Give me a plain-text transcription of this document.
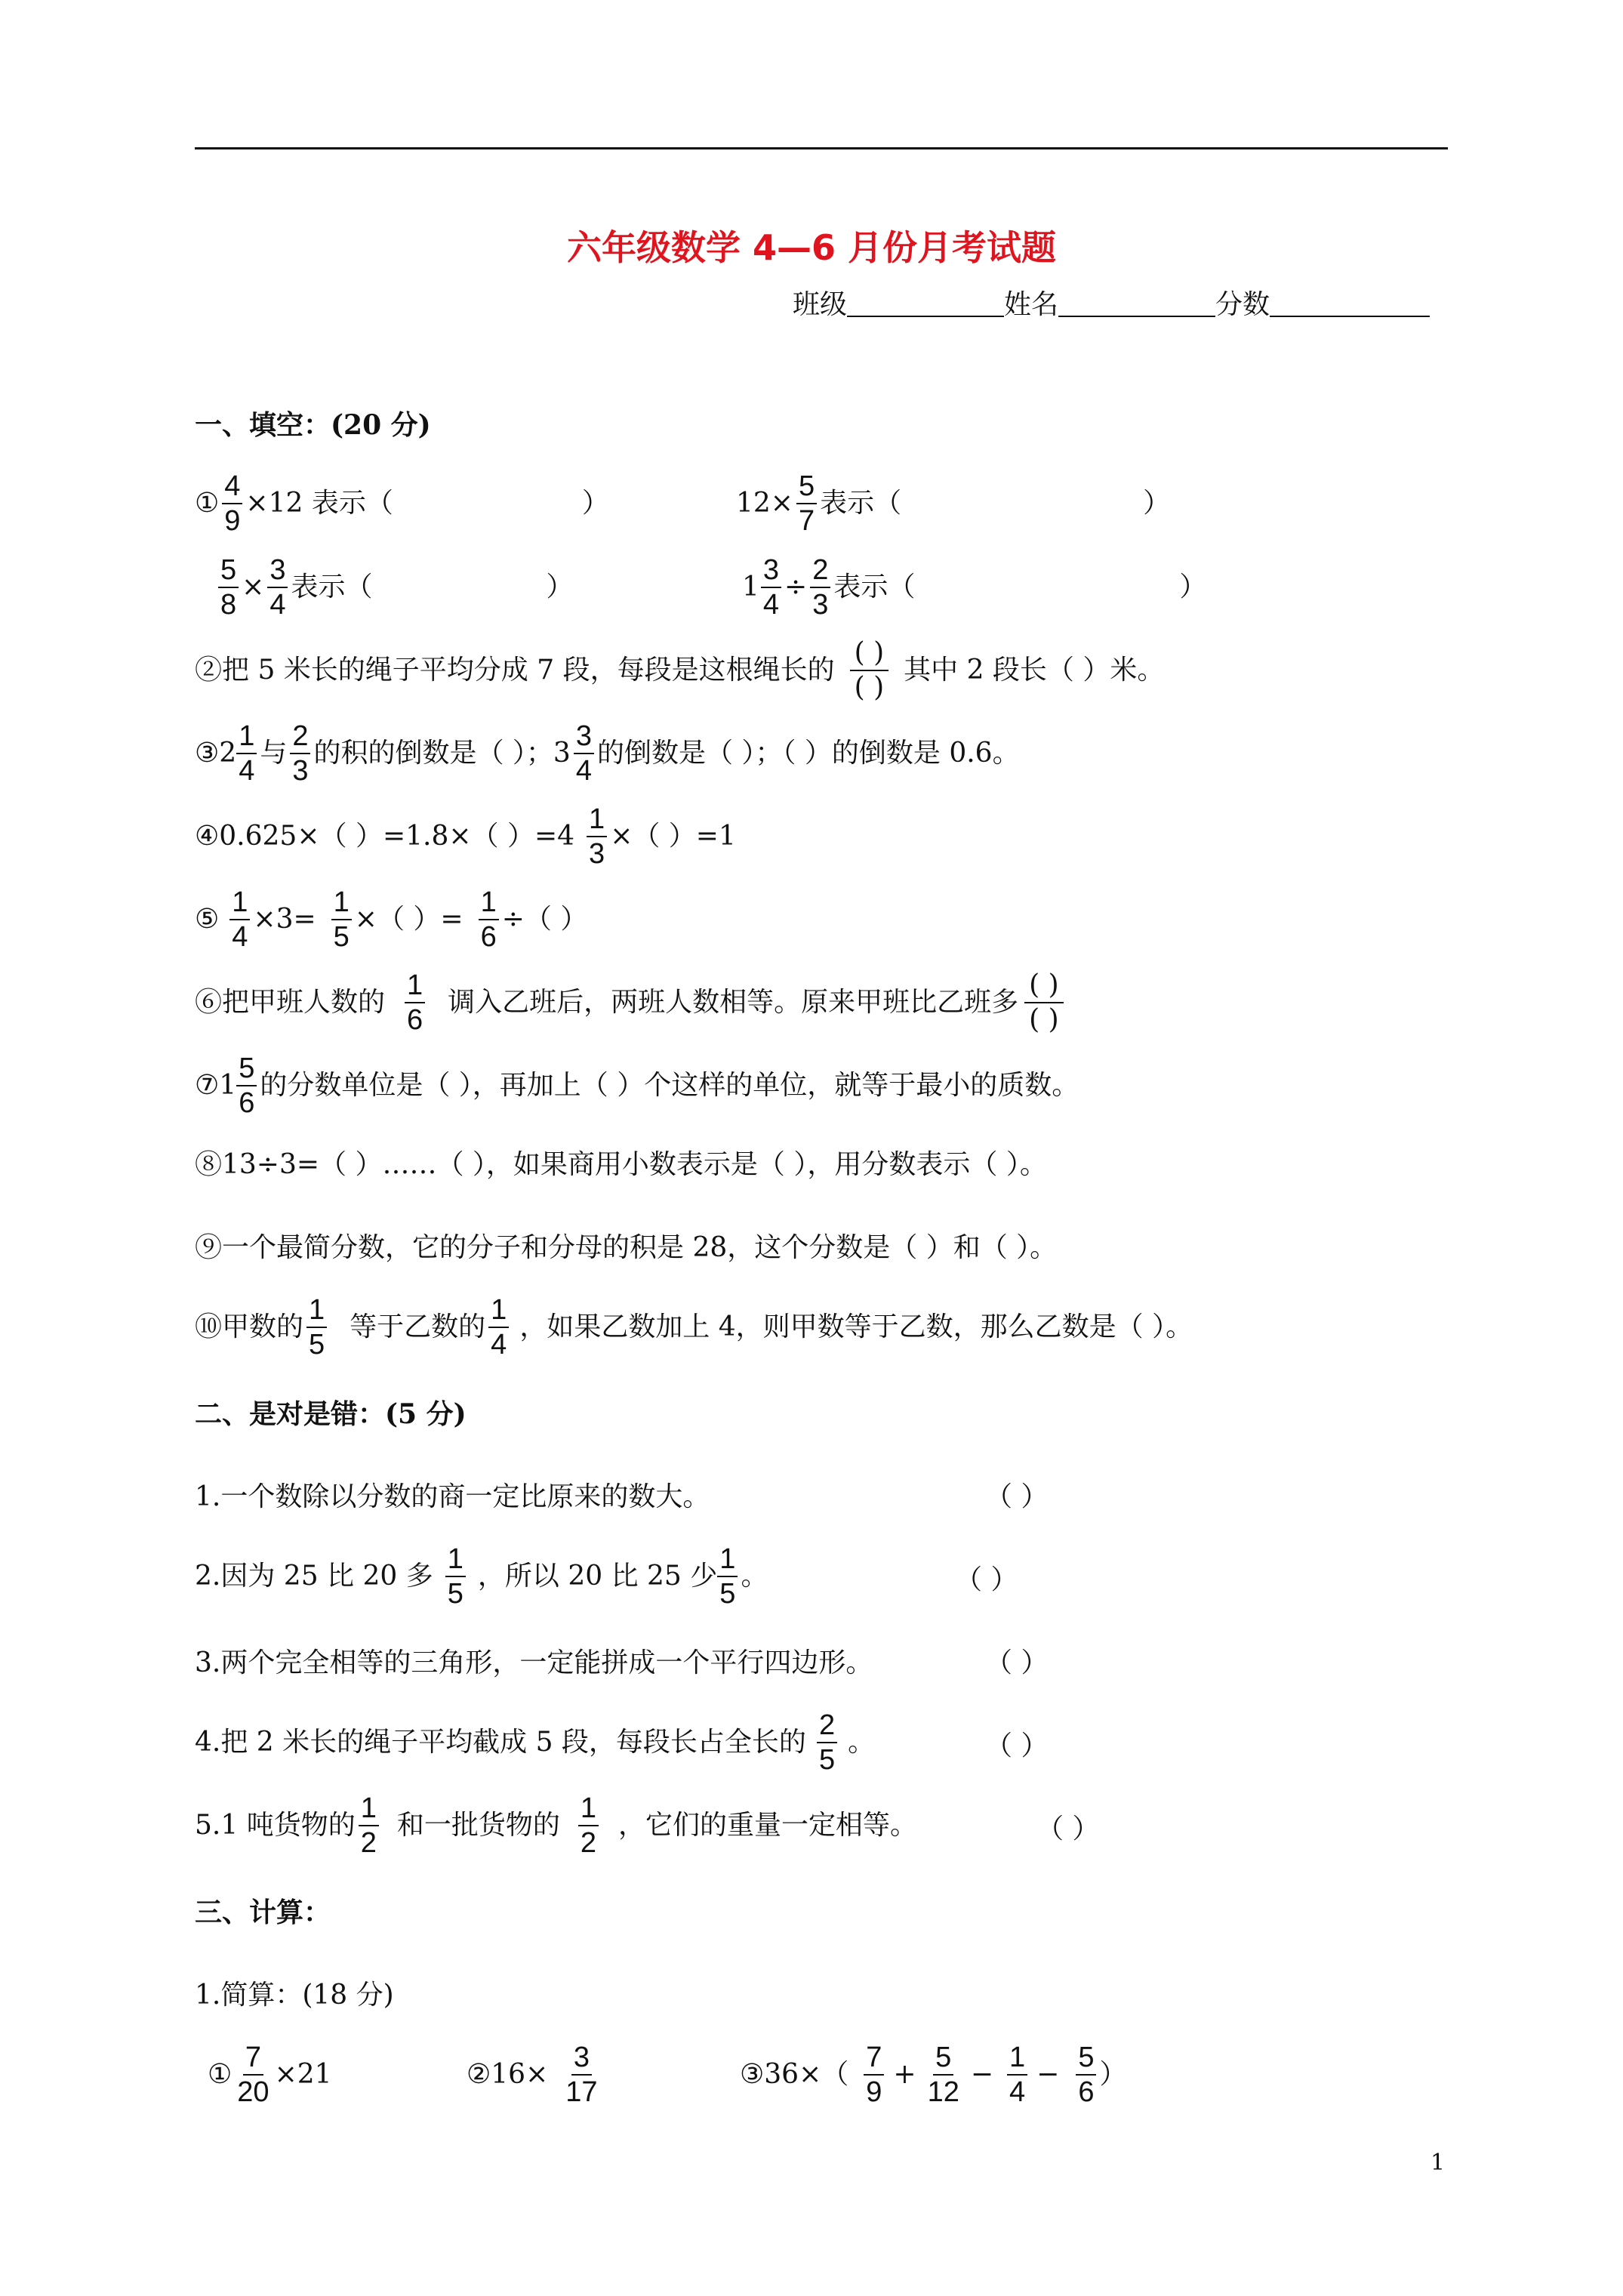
六年级数学 4—6 月份月考试题
班级	姓名	分数
一、填空：(20 分)
① $\frac{4}{9} \times 12$ 表示（	）	$12\times \frac{5}{7}$ 表示（	）
$\frac{5}{8} \times \frac{3}{4}$ 表示（	）	$1 \frac{3}{4} \div \frac{2}{3}$ 表示（	）
②把 5 米长的绳子平均分成 7 段，每段是这根绳长的
( )
( )
其中 2 段长（ ）米。
③2 $\frac{1}{4}$ 与 $\frac{2}{3}$ 的积的倒数是（ ）；$3 \frac{3}{4}$ 的倒数是（ ）；（ ）的倒数是 0.6。
④0.625×（ ）=1.8×（ ）$=4 \frac{1}{3}$ ×（ ）=1
⑤ $\frac{1}{4} \times 3= \frac{1}{5}$ ×（ ）= $\frac{1}{6}$ ÷（ ）
⑥把甲班人数的 $\frac{1}{6}$ 调入乙班后，两班人数相等。原来甲班比乙班多
( )
( )
⑦1 $\frac{5}{6}$ 的分数单位是（ ），再加上（ ）个这样的单位，就等于最小的质数。
⑧13÷3=（ ）……（ ），如果商用小数表示是（ ），用分数表示（ ）。
⑨一个最简分数，它的分子和分母的积是 28，这个分数是（ ）和（ ）。
⑩甲数的 $\frac{1}{5}$ 等于乙数的 $\frac{1}{4}$ ，如果乙数加上 4，则甲数等于乙数，那么乙数是（ ）。
二、是对是错：(5 分)
1.一个数除以分数的商一定比原来的数大。	（ ）
2.因为 25 比 20 多 $\frac{1}{5}$ ，所以 20 比 25 少 $\frac{1}{5}$ 。	（ ）
3.两个完全相等的三角形，一定能拼成一个平行四边形。	（ ）
4.把 2 米长的绳子平均截成 5 段，每段长占全长的 $\frac{2}{5}$ 。	（ ）
5.1 吨货物的 $\frac{1}{2}$ 和一批货物的 $\frac{1}{2}$ ，它们的重量一定相等。	（ ）
三、计算：
1.简算：(18 分)
① $\frac{7}{20} \times 21$	②16× $\frac{3}{17}$	③36×（ $\frac{7}{9} + \frac{5}{12} - \frac{1}{4} - \frac{5}{6}$ ）
1
